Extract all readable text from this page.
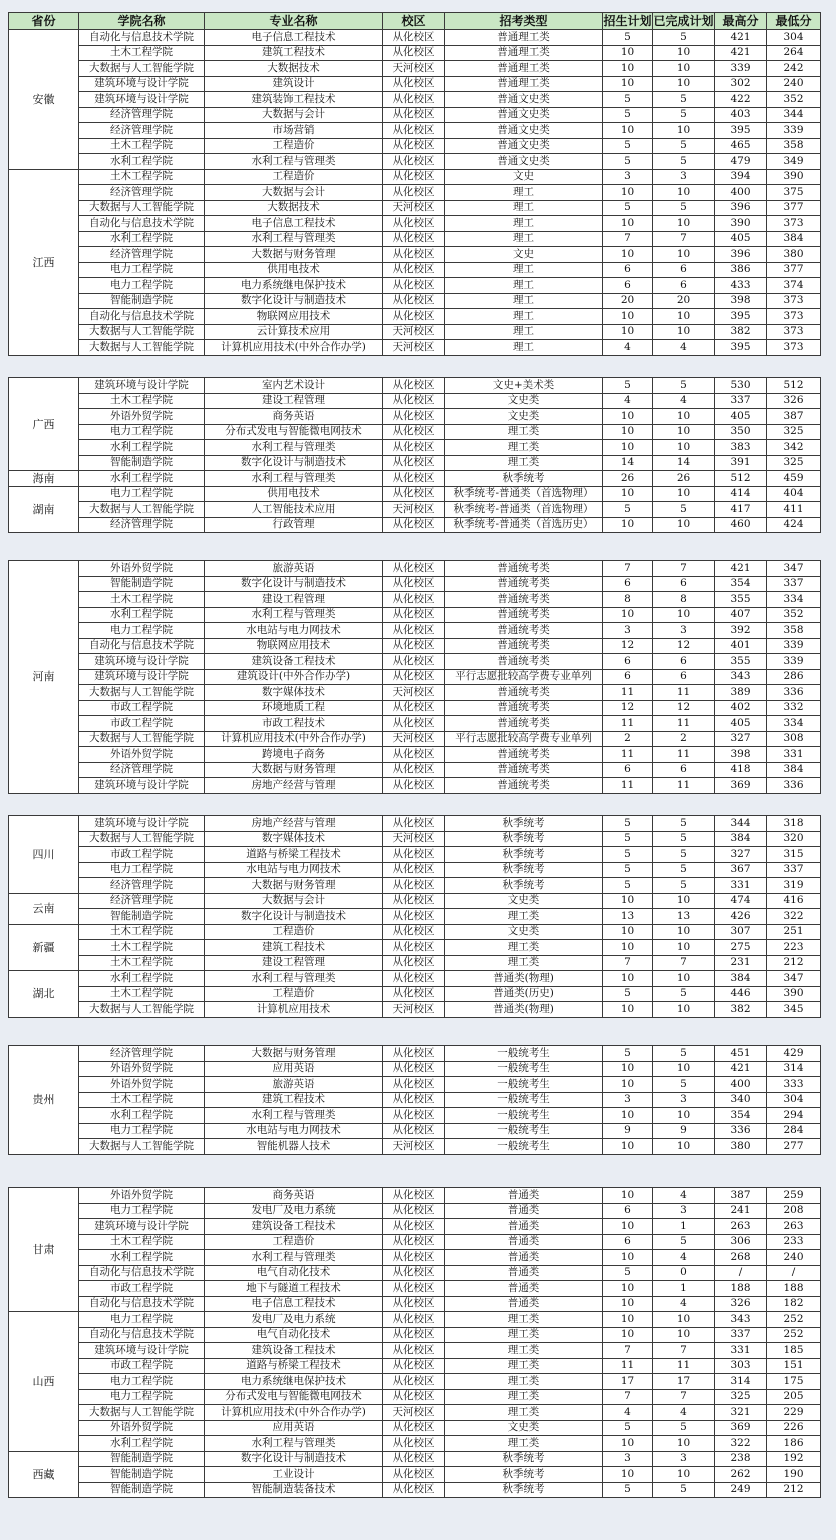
省份	学院名称	专业名称	校区	招考类型	招生计划	已完成计划	最高分	最低分
安徽	自动化与信息技术学院	电子信息工程技术	从化校区	普通理工类	5	5	421	304
	土木工程学院	建筑工程技术	从化校区	普通理工类	10	10	421	264
	大数据与人工智能学院	大数据技术	天河校区	普通理工类	10	10	339	242
	建筑环境与设计学院	建筑设计	从化校区	普通理工类	10	10	302	240
	建筑环境与设计学院	建筑装饰工程技术	从化校区	普通文史类	5	5	422	352
	经济管理学院	大数据与会计	从化校区	普通文史类	5	5	403	344
	经济管理学院	市场营销	从化校区	普通文史类	10	10	395	339
	土木工程学院	工程造价	从化校区	普通文史类	5	5	465	358
	水利工程学院	水利工程与管理类	从化校区	普通文史类	5	5	479	349
江西	土木工程学院	工程造价	从化校区	文史	3	3	394	390
	经济管理学院	大数据与会计	从化校区	理工	10	10	400	375
	大数据与人工智能学院	大数据技术	天河校区	理工	5	5	396	377
	自动化与信息技术学院	电子信息工程技术	从化校区	理工	10	10	390	373
	水利工程学院	水利工程与管理类	从化校区	理工	7	7	405	384
	经济管理学院	大数据与财务管理	从化校区	文史	10	10	396	380
	电力工程学院	供用电技术	从化校区	理工	6	6	386	377
	电力工程学院	电力系统继电保护技术	从化校区	理工	6	6	433	374
	智能制造学院	数字化设计与制造技术	从化校区	理工	20	20	398	373
	自动化与信息技术学院	物联网应用技术	从化校区	理工	10	10	395	373
	大数据与人工智能学院	云计算技术应用	天河校区	理工	10	10	382	373
	大数据与人工智能学院	计算机应用技术(中外合作办学)	天河校区	理工	4	4	395	373
广西	建筑环境与设计学院	室内艺术设计	从化校区	文史+美术类	5	5	530	512
	土木工程学院	建设工程管理	从化校区	文史类	4	4	337	326
	外语外贸学院	商务英语	从化校区	文史类	10	10	405	387
	电力工程学院	分布式发电与智能微电网技术	从化校区	理工类	10	10	350	325
	水利工程学院	水利工程与管理类	从化校区	理工类	10	10	383	342
	智能制造学院	数字化设计与制造技术	从化校区	理工类	14	14	391	325
海南	水利工程学院	水利工程与管理类	从化校区	秋季统考	26	26	512	459
湖南	电力工程学院	供用电技术	从化校区	秋季统考-普通类（首选物理）	10	10	414	404
	大数据与人工智能学院	人工智能技术应用	天河校区	秋季统考-普通类（首选物理）	5	5	417	411
	经济管理学院	行政管理	从化校区	秋季统考-普通类（首选历史）	10	10	460	424
河南	外语外贸学院	旅游英语	从化校区	普通统考类	7	7	421	347
	智能制造学院	数字化设计与制造技术	从化校区	普通统考类	6	6	354	337
	土木工程学院	建设工程管理	从化校区	普通统考类	8	8	355	334
	水利工程学院	水利工程与管理类	从化校区	普通统考类	10	10	407	352
	电力工程学院	水电站与电力网技术	从化校区	普通统考类	3	3	392	358
	自动化与信息技术学院	物联网应用技术	从化校区	普通统考类	12	12	401	339
	建筑环境与设计学院	建筑设备工程技术	从化校区	普通统考类	6	6	355	339
	建筑环境与设计学院	建筑设计(中外合作办学)	从化校区	平行志愿批较高学费专业单列	6	6	343	286
	大数据与人工智能学院	数字媒体技术	天河校区	普通统考类	11	11	389	336
	市政工程学院	环境地质工程	从化校区	普通统考类	12	12	402	332
	市政工程学院	市政工程技术	从化校区	普通统考类	11	11	405	334
	大数据与人工智能学院	计算机应用技术(中外合作办学)	天河校区	平行志愿批较高学费专业单列	2	2	327	308
	外语外贸学院	跨境电子商务	从化校区	普通统考类	11	11	398	331
	经济管理学院	大数据与财务管理	从化校区	普通统考类	6	6	418	384
	建筑环境与设计学院	房地产经营与管理	从化校区	普通统考类	11	11	369	336
四川	建筑环境与设计学院	房地产经营与管理	从化校区	秋季统考	5	5	344	318
	大数据与人工智能学院	数字媒体技术	天河校区	秋季统考	5	5	384	320
	市政工程学院	道路与桥梁工程技术	从化校区	秋季统考	5	5	327	315
	电力工程学院	水电站与电力网技术	从化校区	秋季统考	5	5	367	337
	经济管理学院	大数据与财务管理	从化校区	秋季统考	5	5	331	319
云南	经济管理学院	大数据与会计	从化校区	文史类	10	10	474	416
	智能制造学院	数字化设计与制造技术	从化校区	理工类	13	13	426	322
新疆	土木工程学院	工程造价	从化校区	文史类	10	10	307	251
	土木工程学院	建筑工程技术	从化校区	理工类	10	10	275	223
	土木工程学院	建设工程管理	从化校区	理工类	7	7	231	212
湖北	水利工程学院	水利工程与管理类	从化校区	普通类(物理)	10	10	384	347
	土木工程学院	工程造价	从化校区	普通类(历史)	5	5	446	390
	大数据与人工智能学院	计算机应用技术	天河校区	普通类(物理)	10	10	382	345
贵州	经济管理学院	大数据与财务管理	从化校区	一般统考生	5	5	451	429
	外语外贸学院	应用英语	从化校区	一般统考生	10	10	421	314
	外语外贸学院	旅游英语	从化校区	一般统考生	10	5	400	333
	土木工程学院	建筑工程技术	从化校区	一般统考生	3	3	340	304
	水利工程学院	水利工程与管理类	从化校区	一般统考生	10	10	354	294
	电力工程学院	水电站与电力网技术	从化校区	一般统考生	9	9	336	284
	大数据与人工智能学院	智能机器人技术	天河校区	一般统考生	10	10	380	277
甘肃	外语外贸学院	商务英语	从化校区	普通类	10	4	387	259
	电力工程学院	发电厂及电力系统	从化校区	普通类	6	3	241	208
	建筑环境与设计学院	建筑设备工程技术	从化校区	普通类	10	1	263	263
	土木工程学院	工程造价	从化校区	普通类	6	5	306	233
	水利工程学院	水利工程与管理类	从化校区	普通类	10	4	268	240
	自动化与信息技术学院	电气自动化技术	从化校区	普通类	5	0	/	/
	市政工程学院	地下与隧道工程技术	从化校区	普通类	10	1	188	188
	自动化与信息技术学院	电子信息工程技术	从化校区	普通类	10	4	326	182
山西	电力工程学院	发电厂及电力系统	从化校区	理工类	10	10	343	252
	自动化与信息技术学院	电气自动化技术	从化校区	理工类	10	10	337	252
	建筑环境与设计学院	建筑设备工程技术	从化校区	理工类	7	7	331	185
	市政工程学院	道路与桥梁工程技术	从化校区	理工类	11	11	303	151
	电力工程学院	电力系统继电保护技术	从化校区	理工类	17	17	314	175
	电力工程学院	分布式发电与智能微电网技术	从化校区	理工类	7	7	325	205
	大数据与人工智能学院	计算机应用技术(中外合作办学)	天河校区	理工类	4	4	321	229
	外语外贸学院	应用英语	从化校区	文史类	5	5	369	226
	水利工程学院	水利工程与管理类	从化校区	理工类	10	10	322	186
西藏	智能制造学院	数字化设计与制造技术	从化校区	秋季统考	3	3	238	192
	智能制造学院	工业设计	从化校区	秋季统考	10	10	262	190
	智能制造学院	智能制造装备技术	从化校区	秋季统考	5	5	249	212
